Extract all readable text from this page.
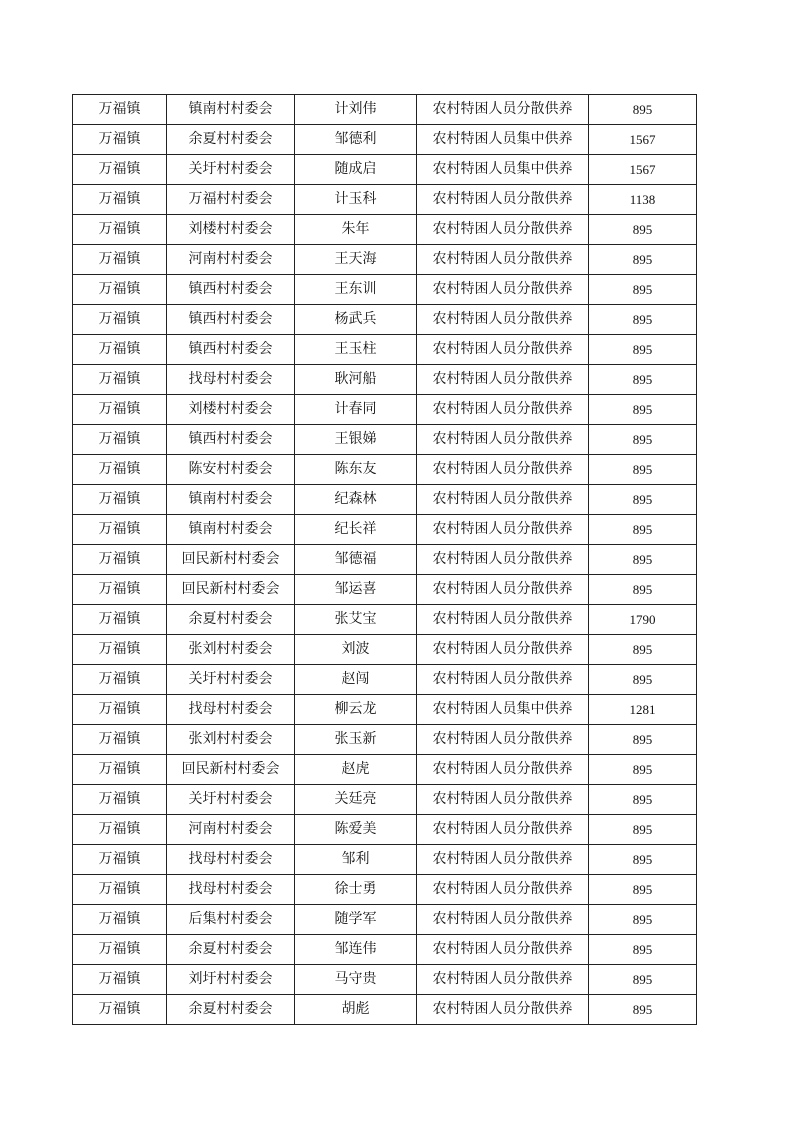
万福镇	镇南村村委会	计刘伟	农村特困人员分散供养	895
万福镇	余夏村村委会	邹德利	农村特困人员集中供养	1567
万福镇	关圩村村委会	随成启	农村特困人员集中供养	1567
万福镇	万福村村委会	计玉科	农村特困人员分散供养	1138
万福镇	刘楼村村委会	朱年	农村特困人员分散供养	895
万福镇	河南村村委会	王天海	农村特困人员分散供养	895
万福镇	镇西村村委会	王东训	农村特困人员分散供养	895
万福镇	镇西村村委会	杨武兵	农村特困人员分散供养	895
万福镇	镇西村村委会	王玉柱	农村特困人员分散供养	895
万福镇	找母村村委会	耿河船	农村特困人员分散供养	895
万福镇	刘楼村村委会	计春同	农村特困人员分散供养	895
万福镇	镇西村村委会	王银娣	农村特困人员分散供养	895
万福镇	陈安村村委会	陈东友	农村特困人员分散供养	895
万福镇	镇南村村委会	纪森林	农村特困人员分散供养	895
万福镇	镇南村村委会	纪长祥	农村特困人员分散供养	895
万福镇	回民新村村委会	邹德福	农村特困人员分散供养	895
万福镇	回民新村村委会	邹运喜	农村特困人员分散供养	895
万福镇	余夏村村委会	张艾宝	农村特困人员分散供养	1790
万福镇	张刘村村委会	刘波	农村特困人员分散供养	895
万福镇	关圩村村委会	赵闯	农村特困人员分散供养	895
万福镇	找母村村委会	柳云龙	农村特困人员集中供养	1281
万福镇	张刘村村委会	张玉新	农村特困人员分散供养	895
万福镇	回民新村村委会	赵虎	农村特困人员分散供养	895
万福镇	关圩村村委会	关廷亮	农村特困人员分散供养	895
万福镇	河南村村委会	陈爱美	农村特困人员分散供养	895
万福镇	找母村村委会	邹利	农村特困人员分散供养	895
万福镇	找母村村委会	徐士勇	农村特困人员分散供养	895
万福镇	后集村村委会	随学军	农村特困人员分散供养	895
万福镇	余夏村村委会	邹连伟	农村特困人员分散供养	895
万福镇	刘圩村村委会	马守贵	农村特困人员分散供养	895
万福镇	余夏村村委会	胡彪	农村特困人员分散供养	895
